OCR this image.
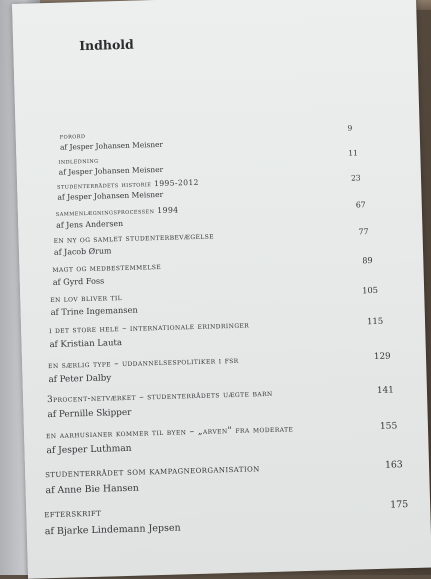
Indhold
forord
af Jesper Johansen Meisner
9
indledning
af Jesper Johansen Meisner
11
studenterrådets historie 1995-2012
af Jesper Johansen Meisner
23
sammenlægningsprocessen 1994
af Jens Andersen
67
en ny og samlet studenterbevægelse
af Jacob Ørum
77
magt og medbestemmelse
af Gyrd Foss
89
en lov bliver til
af Trine Ingemansen
105
i det store hele – internationale erindringer
af Kristian Lauta
115
en særlig type – uddannelsespolitiker i fsr
af Peter Dalby
129
3procent-netværket – studenterrådets uægte barn
af Pernille Skipper
141
en aarhusianer kommer til byen – „arven" fra moderate
af Jesper Luthman
155
studenterrådet som kampagneorganisation
af Anne Bie Hansen
163
efterskrift
af Bjarke Lindemann Jepsen
175
